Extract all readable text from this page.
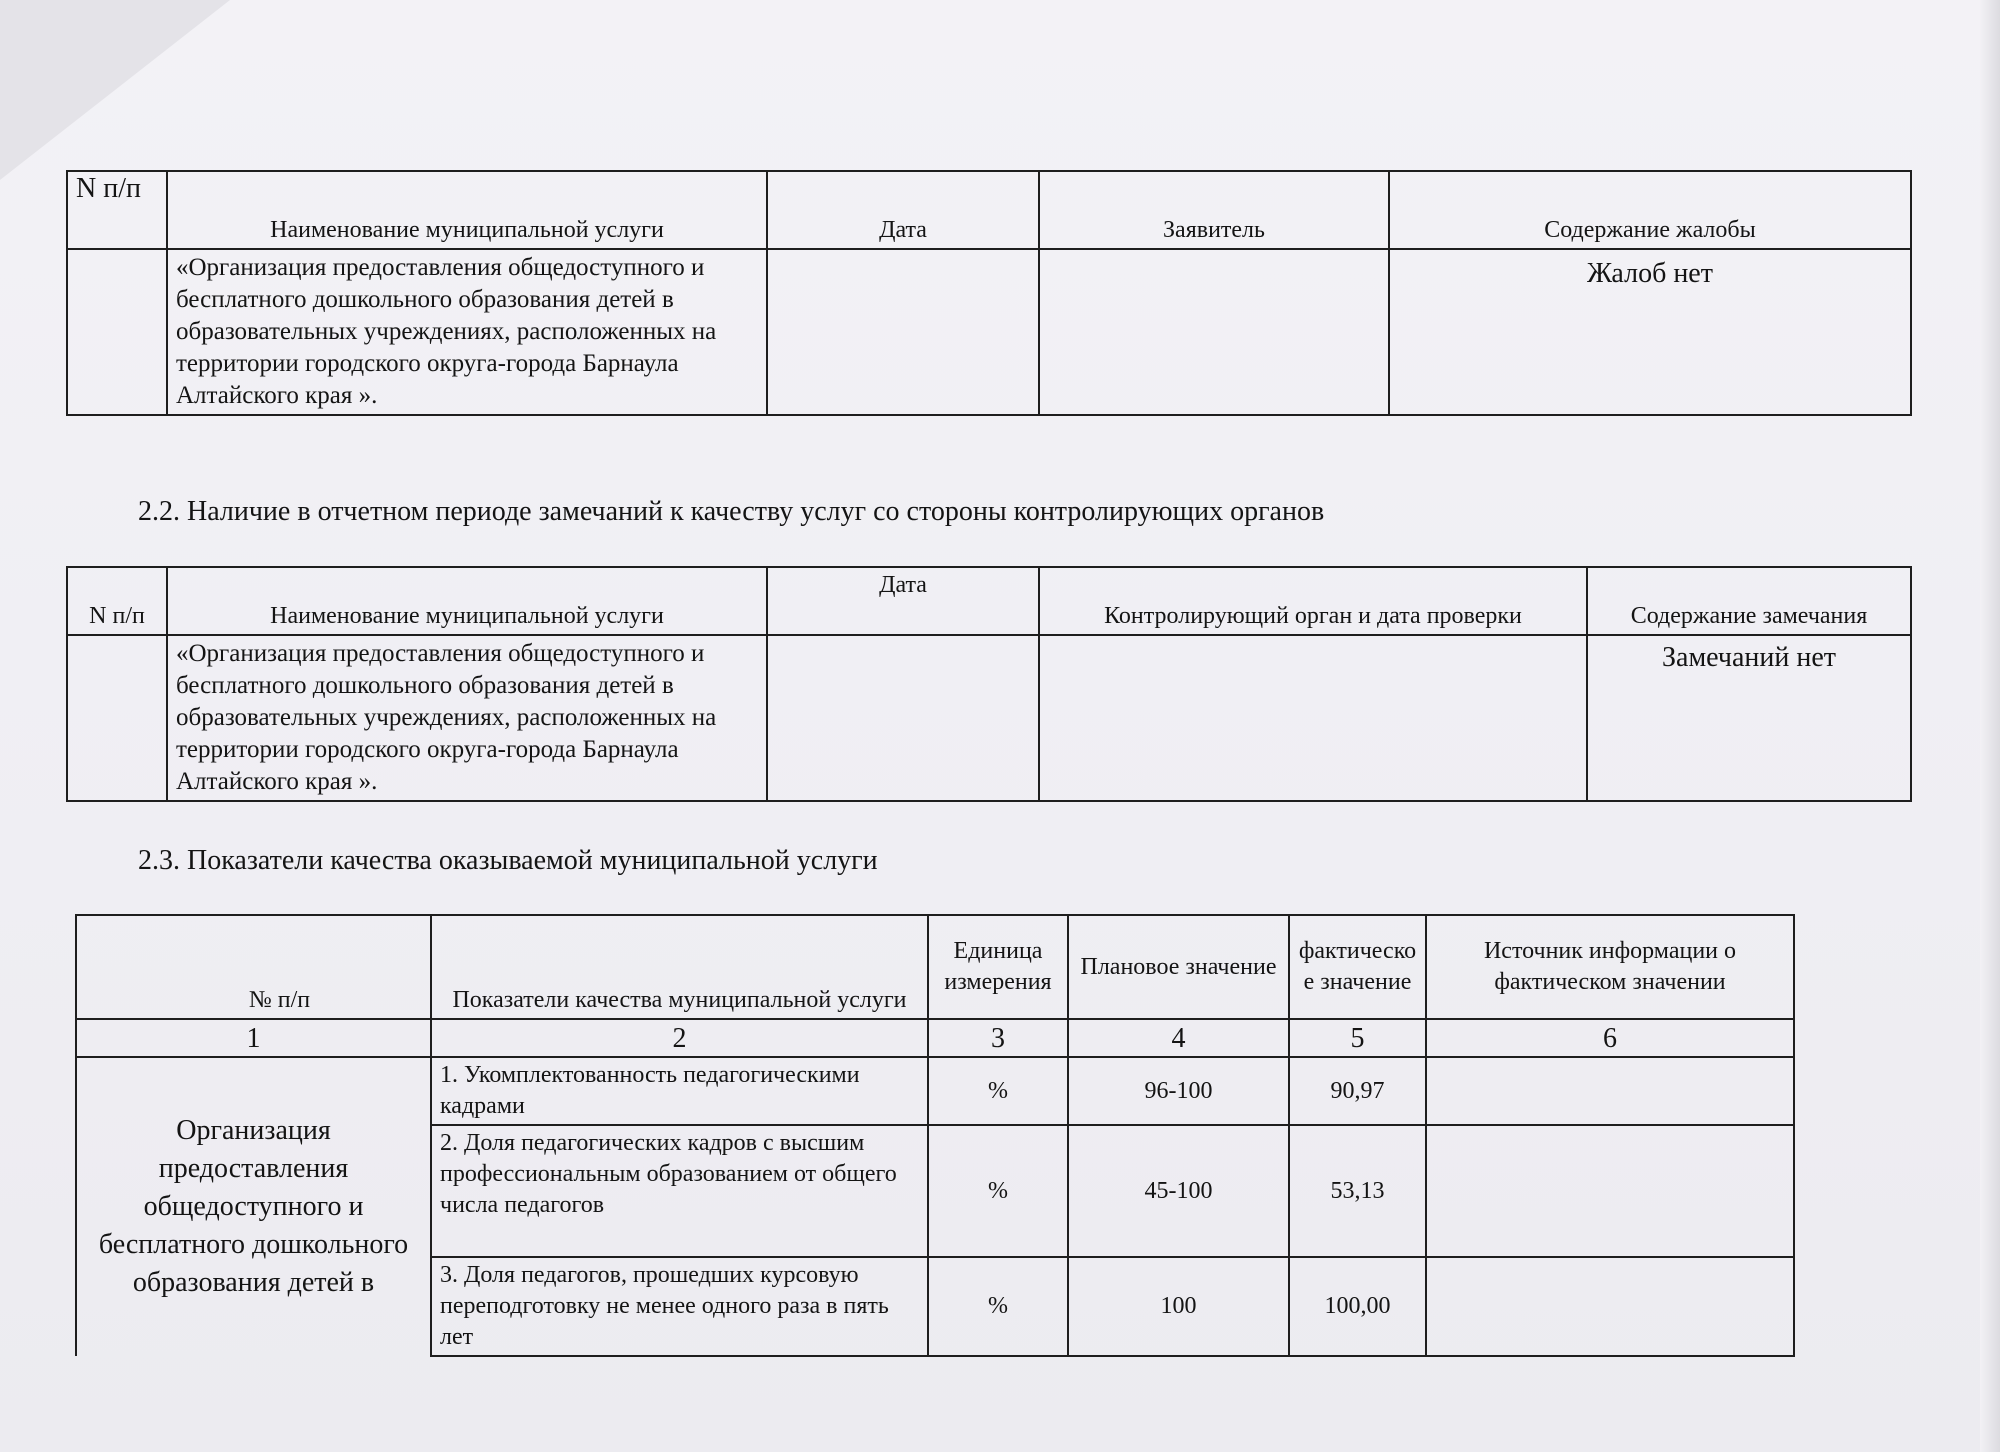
N п/п	Наименование муниципальной услуги	Дата	Заявитель	Содержание жалобы
	«Организация предоставления общедоступного и бесплатного дошкольного образования детей в образовательных учреждениях, расположенных на территории городского округа-города Барнаула Алтайского края ».			Жалоб нет
2.2. Наличие в отчетном периоде замечаний к качеству услуг со стороны контролирующих органов
N п/п	Наименование муниципальной услуги	Дата	Контролирующий орган и дата проверки	Содержание замечания
	«Организация предоставления общедоступного и бесплатного дошкольного образования детей в образовательных учреждениях, расположенных на территории городского округа-города Барнаула Алтайского края ».			Замечаний нет
2.3. Показатели качества оказываемой муниципальной услуги
№ п/п	Показатели качества муниципальной услуги	Единица измерения	Плановое значение	фактическое значение	Источник информации о фактическом значении
1	2	3	4	5	6
Организация предоставления общедоступного и бесплатного дошкольного образования детей в	1. Укомплектованность педагогическими кадрами	%	96-100	90,97	
	2. Доля педагогических кадров с высшим профессиональным образованием от общего числа педагогов	%	45-100	53,13	
	3. Доля педагогов, прошедших курсовую переподготовку не менее одного раза в пять лет	%	100	100,00	
